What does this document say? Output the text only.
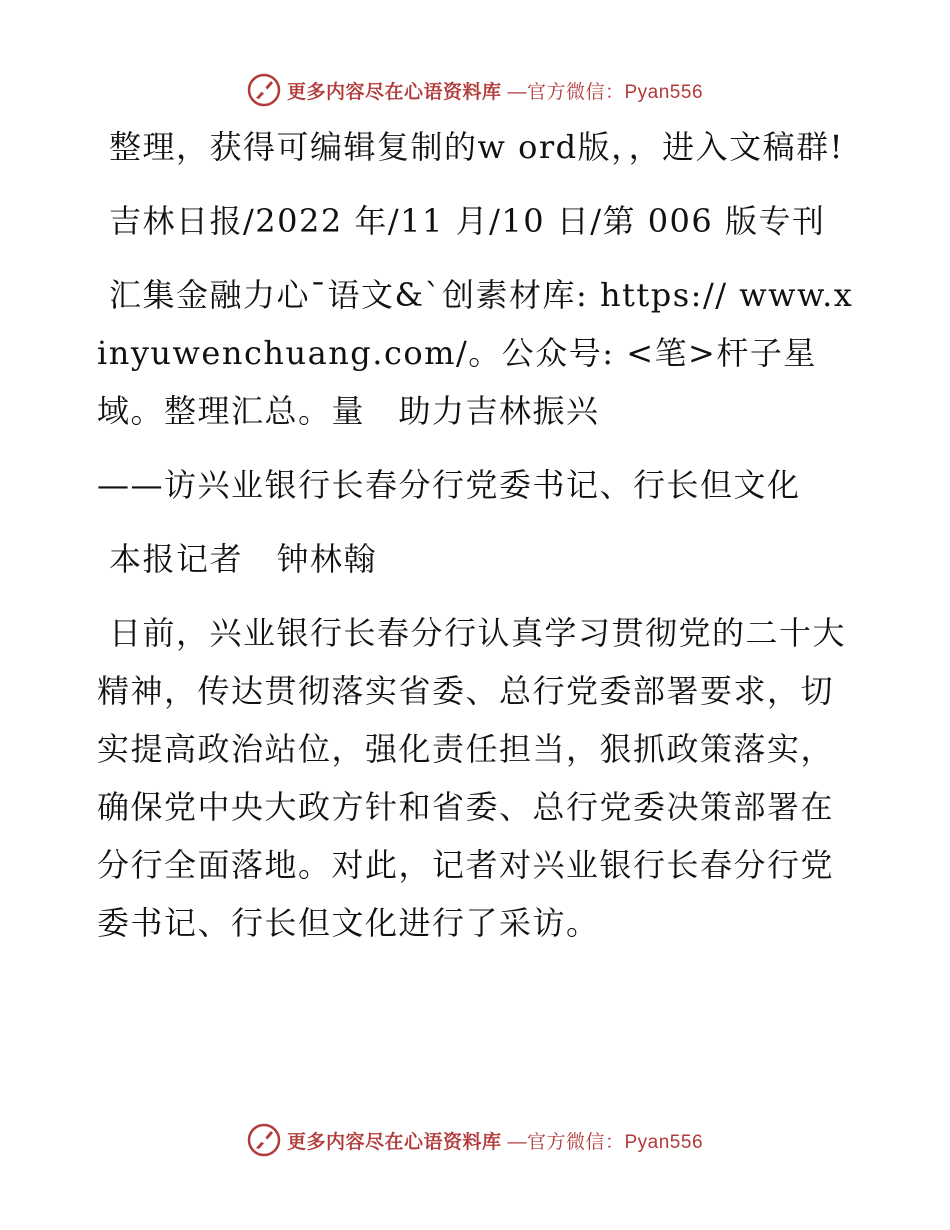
更多内容尽在心语资料库 —官方微信：Pyan556

整理，获得可编辑复制的w ord版，，进入文稿群!

吉林日报/2022 年/11 月/10 日/第 006 版专刊

汇集金融力心¯语文&`创素材库: https:// www.xinyuwenchuang.com/。公众号: <笔>杆子星域。整理汇总。量　助力吉林振兴

——访兴业银行长春分行党委书记、行长但文化

本报记者　钟林翰

日前，兴业银行长春分行认真学习贯彻党的二十大精神，传达贯彻落实省委、总行党委部署要求，切实提高政治站位，强化责任担当，狠抓政策落实，确保党中央大政方针和省委、总行党委决策部署在分行全面落地。对此，记者对兴业银行长春分行党委书记、行长但文化进行了采访。

更多内容尽在心语资料库 —官方微信：Pyan556
